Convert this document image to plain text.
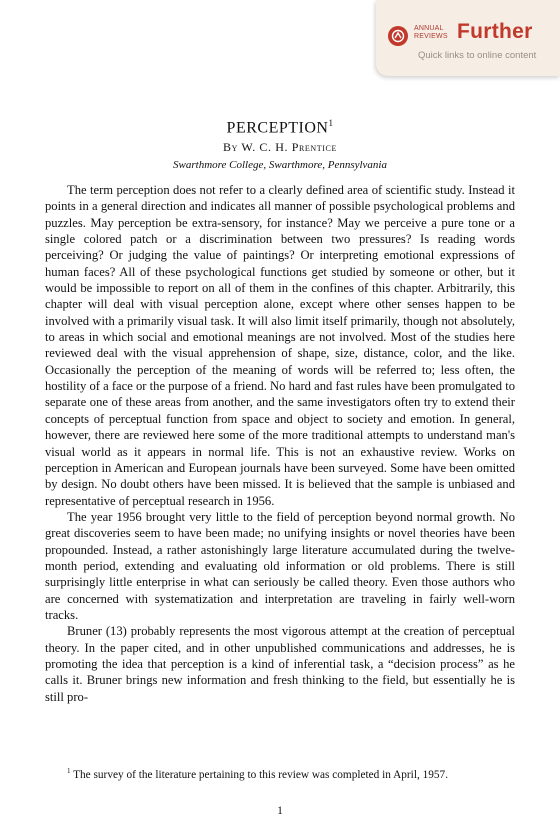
ANNUAL
REVIEWS Further
Quick links to online content
PERCEPTION$^1$
By W. C. H. Prentice
Swarthmore College, Swarthmore, Pennsylvania

The term perception does not refer to a clearly defined area of scientific study. Instead it points in a general direction and indicates all manner of possible psychological problems and puzzles. May perception be extra-sensory, for instance? May we perceive a pure tone or a single colored patch or a discrimination between two pressures? Is reading words perceiving? Or judging the value of paintings? Or interpreting emotional expressions of human faces? All of these psychological functions get studied by someone or other, but it would be impossible to report on all of them in the confines of this chapter. Arbitrarily, this chapter will deal with visual perception alone, except where other senses happen to be involved with a primarily visual task. It will also limit itself primarily, though not absolutely, to areas in which social and emotional meanings are not involved. Most of the studies here reviewed deal with the visual apprehension of shape, size, distance, color, and the like. Occasionally the perception of the meaning of words will be referred to; less often, the hostility of a face or the purpose of a friend. No hard and fast rules have been promulgated to separate one of these areas from another, and the same investigators often try to extend their concepts of perceptual function from space and object to society and emotion. In general, however, there are reviewed here some of the more traditional attempts to understand man's visual world as it appears in normal life. This is not an exhaustive review. Works on perception in American and European journals have been surveyed. Some have been omitted by design. No doubt others have been missed. It is believed that the sample is unbiased and representative of perceptual research in 1956.

The year 1956 brought very little to the field of perception beyond normal growth. No great discoveries seem to have been made; no unifying insights or novel theories have been propounded. Instead, a rather astonishingly large literature accumulated during the twelve-month period, extending and evaluating old information or old problems. There is still surprisingly little enterprise in what can seriously be called theory. Even those authors who are concerned with systematization and interpretation are traveling in fairly well-worn tracks.

Bruner (13) probably represents the most vigorous attempt at the creation of perceptual theory. In the paper cited, and in other unpublished communications and addresses, he is promoting the idea that perception is a kind of inferential task, a “decision process” as he calls it. Bruner brings new information and fresh thinking to the field, but essentially he is still pro-

$^1$ The survey of the literature pertaining to this review was completed in April, 1957.

1
